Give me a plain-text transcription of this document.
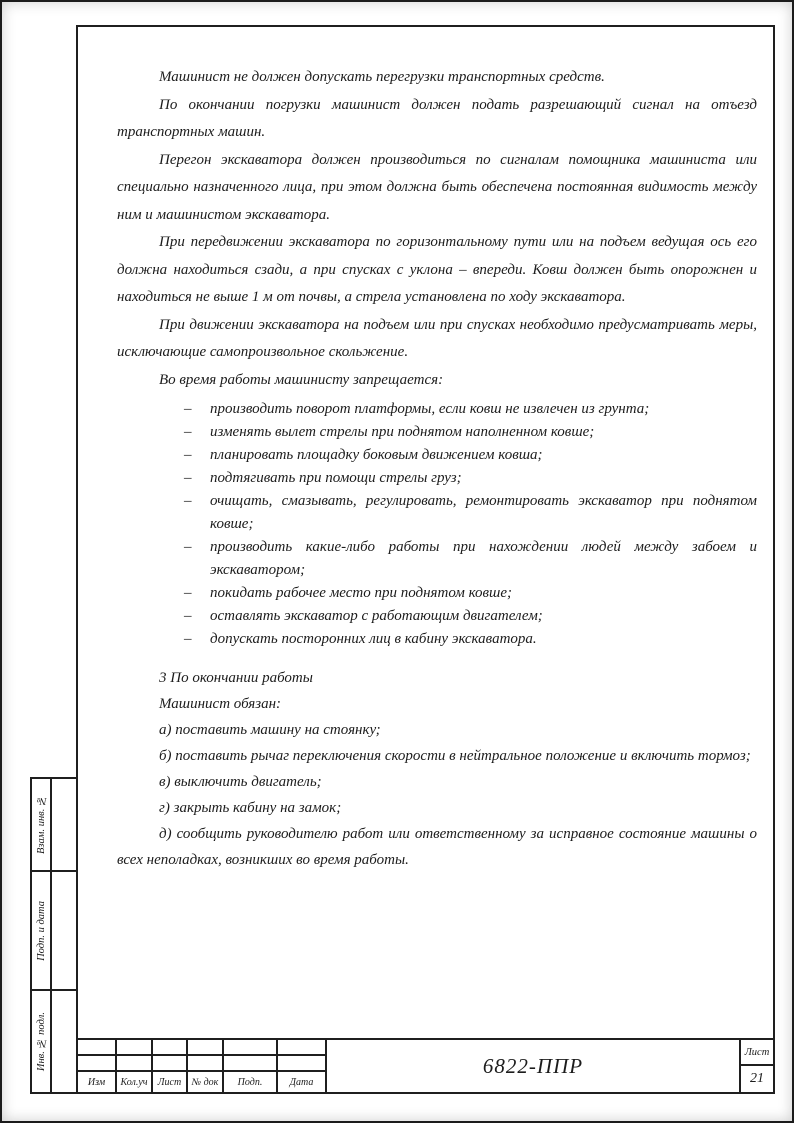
Машинист не должен допускать перегрузки транспортных средств.

По окончании погрузки машинист должен подать разрешающий сигнал на отъезд транспортных машин.

Перегон экскаватора должен производиться по сигналам помощника машиниста или специально назначенного лица, при этом должна быть обеспечена постоянная видимость между ним и машинистом экскаватора.

При передвижении экскаватора по горизонтальному пути или на подъем ведущая ось его должна находиться сзади, а при спусках с уклона – впереди. Ковш должен быть опорожнен и находиться не выше 1 м от почвы, а стрела установлена по ходу экскаватора.

При движении экскаватора на подъем или при спусках необходимо предусматривать меры, исключающие самопроизвольное скольжение.

Во время работы машинисту запрещается:

–	производить поворот платформы, если ковш не извлечен из грунта;
–	изменять вылет стрелы при поднятом наполненном ковше;
–	планировать площадку боковым движением ковша;
–	подтягивать при помощи стрелы груз;
–	очищать, смазывать, регулировать, ремонтировать экскаватор при поднятом ковше;
–	производить какие-либо работы при нахождении людей между забоем и экскаватором;
–	покидать рабочее место при поднятом ковше;
–	оставлять экскаватор с работающим двигателем;
–	допускать посторонних лиц в кабину экскаватора.

3 По окончании работы

Машинист обязан:

а) поставить машину на стоянку;

б) поставить рычаг переключения скорости в нейтральное положение и включить тормоз;

в) выключить двигатель;

г) закрыть кабину на замок;

д) сообщить руководителю работ или ответственному за исправное состояние машины о всех неполадках, возникших во время работы.

Взам. инв. №
Подп. и дата
Инв. № подл.
Изм	Кол.уч	Лист	№ док	Подп.	Дата
6822-ППР
Лист
21
